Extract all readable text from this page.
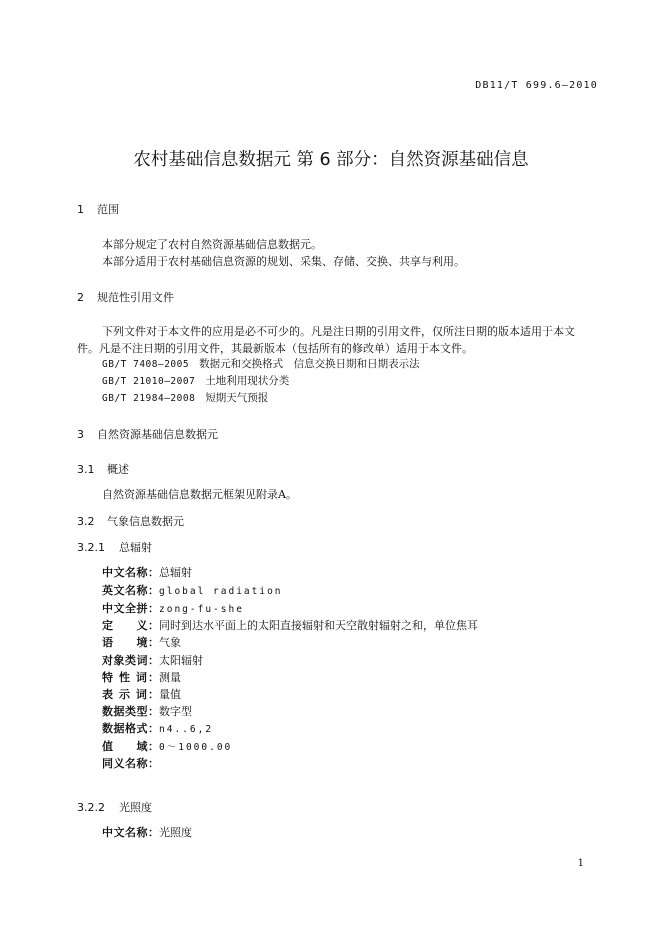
DB11/T 699.6—2010
农村基础信息数据元 第 6 部分：自然资源基础信息
1 范围
本部分规定了农村自然资源基础信息数据元。
本部分适用于农村基础信息资源的规划、采集、存储、交换、共享与利用。
2 规范性引用文件
下列文件对于本文件的应用是必不可少的。凡是注日期的引用文件，仅所注日期的版本适用于本文
件。凡是不注日期的引用文件，其最新版本（包括所有的修改单）适用于本文件。
GB/T 7408—2005 数据元和交换格式　信息交换日期和日期表示法
GB/T 21010—2007 土地利用现状分类
GB/T 21984—2008 短期天气预报
3 自然资源基础信息数据元
3.1 概述
自然资源基础信息数据元框架见附录A。
3.2 气象信息数据元
3.2.1 总辐射
中文名称：总辐射
英文名称：global radiation
中文全拼：zong-fu-she
定　　义：同时到达水平面上的太阳直接辐射和天空散射辐射之和，单位焦耳
语　　境：气象
对象类词：太阳辐射
特 性 词：测量
表 示 词：量值
数据类型：数字型
数据格式：n4..6,2
值　　域：0～1000.00
同义名称：
3.2.2 光照度
中文名称：光照度
1
